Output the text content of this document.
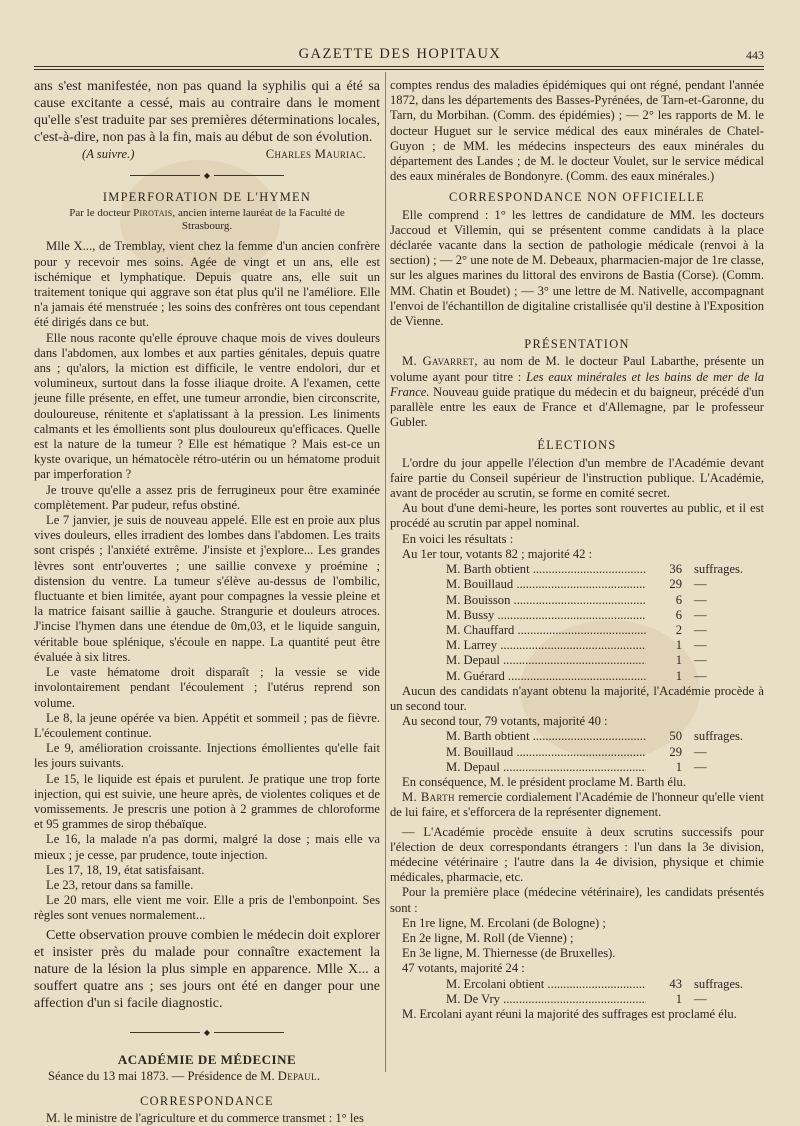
GAZETTE DES HOPITAUX	443

ans s'est manifestée, non pas quand la syphilis qui a été sa cause excitante a cessé, mais au contraire dans le moment qu'elle s'est traduite par ses premières déterminations locales, c'est-à-dire, non pas à la fin, mais au début de son évolution.

(A suivre.)	Charles Mauriac.
◆
IMPERFORATION DE L'HYMEN
Par le docteur Pirotais, ancien interne lauréat de la Faculté de Strasbourg.

Mlle X..., de Tremblay, vient chez la femme d'un ancien confrère pour y recevoir mes soins. Agée de vingt et un ans, elle est ischémique et lymphatique. Depuis quatre ans, elle suit un traitement tonique qui aggrave son état plus qu'il ne l'améliore. Elle n'a jamais été menstruée ; les soins des confrères ont tous cependant été dirigés dans ce but.

Elle nous raconte qu'elle éprouve chaque mois de vives douleurs dans l'abdomen, aux lombes et aux parties génitales, depuis quatre ans ; qu'alors, la miction est difficile, le ventre endolori, dur et volumineux, surtout dans la fosse iliaque droite. A l'examen, cette jeune fille présente, en effet, une tumeur arrondie, bien circonscrite, douloureuse, rénitente et s'aplatissant à la pression. Les liniments calmants et les émollients sont plus douloureux qu'efficaces. Quelle est la nature de la tumeur ? Elle est hématique ? Mais est-ce un kyste ovarique, un hématocèle rétro-utérin ou un hématome produit par imperforation ?

Je trouve qu'elle a assez pris de ferrugineux pour être examinée complètement. Par pudeur, refus obstiné.

Le 7 janvier, je suis de nouveau appelé. Elle est en proie aux plus vives douleurs, elles irradient des lombes dans l'abdomen. Les traits sont crispés ; l'anxiété extrême. J'insiste et j'explore... Les grandes lèvres sont entr'ouvertes ; une saillie convexe y proémine ; distension du ventre. La tumeur s'élève au-dessus de l'ombilic, fluctuante et bien limitée, ayant pour compagnes la vessie pleine et la matrice faisant saillie à gauche. Strangurie et douleurs atroces. J'incise l'hymen dans une étendue de 0m,03, et le liquide sanguin, véritable boue splénique, s'écoule en nappe. La quantité peut être évaluée à six litres.

Le vaste hématome droit disparaît ; la vessie se vide involontairement pendant l'écoulement ; l'utérus reprend son volume.

Le 8, la jeune opérée va bien. Appétit et sommeil ; pas de fièvre. L'écoulement continue.

Le 9, amélioration croissante. Injections émollientes qu'elle fait les jours suivants.

Le 15, le liquide est épais et purulent. Je pratique une trop forte injection, qui est suivie, une heure après, de violentes coliques et de vomissements. Je prescris une potion à 2 grammes de chloroforme et 95 grammes de sirop thébaïque.

Le 16, la malade n'a pas dormi, malgré la dose ; mais elle va mieux ; je cesse, par prudence, toute injection.

Les 17, 18, 19, état satisfaisant.

Le 23, retour dans sa famille.

Le 20 mars, elle vient me voir. Elle a pris de l'embonpoint. Ses règles sont venues normalement...

Cette observation prouve combien le médecin doit explorer et insister près du malade pour connaître exactement la nature de la lésion la plus simple en apparence. Mlle X... a souffert quatre ans ; ses jours ont été en danger pour une affection d'un si facile diagnostic.

◆
ACADÉMIE DE MÉDECINE
Séance du 13 mai 1873. — Présidence de M. Depaul.
CORRESPONDANCE

M. le ministre de l'agriculture et du commerce transmet : 1° les

comptes rendus des maladies épidémiques qui ont régné, pendant l'année 1872, dans les départements des Basses-Pyrénées, de Tarn-et-Garonne, du Tarn, du Morbihan. (Comm. des épidémies) ; — 2° les rapports de M. le docteur Huguet sur le service médical des eaux minérales de Chatel-Guyon ; de MM. les médecins inspecteurs des eaux minérales du département des Landes ; de M. le docteur Voulet, sur le service médical des eaux minérales de Bondonyre. (Comm. des eaux minérales.)

CORRESPONDANCE NON OFFICIELLE

Elle comprend : 1° les lettres de candidature de MM. les docteurs Jaccoud et Villemin, qui se présentent comme candidats à la place déclarée vacante dans la section de pathologie médicale (renvoi à la section) ; — 2° une note de M. Debeaux, pharmacien-major de 1re classe, sur les algues marines du littoral des environs de Bastia (Corse). (Comm. MM. Chatin et Boudet) ; — 3° une lettre de M. Nativelle, accompagnant l'envoi de l'échantillon de digitaline cristallisée qu'il destine à l'Exposition de Vienne.

PRÉSENTATION

M. Gavarret, au nom de M. le docteur Paul Labarthe, présente un volume ayant pour titre : Les eaux minérales et les bains de mer de la France. Nouveau guide pratique du médecin et du baigneur, précédé d'un parallèle entre les eaux de France et d'Allemagne, par le professeur Gubler.

ÉLECTIONS

L'ordre du jour appelle l'élection d'un membre de l'Académie devant faire partie du Conseil supérieur de l'instruction publique. L'Académie, avant de procéder au scrutin, se forme en comité secret.

Au bout d'une demi-heure, les portes sont rouvertes au public, et il est procédé au scrutin par appel nominal.

En voici les résultats :

Au 1er tour, votants 82 ; majorité 42 :

M. Barth obtient .....	36 suffrages.
M. Bouillaud .....	29 —
M. Bouisson .....	6 —
M. Bussy .....	6 —
M. Chauffard .....	2 —
M. Larrey .....	1 —
M. Depaul .....	1 —
M. Guérard .....	1 —

Aucun des candidats n'ayant obtenu la majorité, l'Académie procède à un second tour.

Au second tour, 79 votants, majorité 40 :

M. Barth obtient .....	50 suffrages.
M. Bouillaud .....	29 —
M. Depaul .....	1 —

En conséquence, M. le président proclame M. Barth élu.

M. Barth remercie cordialement l'Académie de l'honneur qu'elle vient de lui faire, et s'efforcera de la représenter dignement.

— L'Académie procède ensuite à deux scrutins successifs pour l'élection de deux correspondants étrangers : l'un dans la 3e division, médecine vétérinaire ; l'autre dans la 4e division, physique et chimie médicales, pharmacie, etc.

Pour la première place (médecine vétérinaire), les candidats présentés sont :

En 1re ligne, M. Ercolani (de Bologne) ;
En 2e ligne, M. Roll (de Vienne) ;
En 3e ligne, M. Thiernesse (de Bruxelles).
47 votants, majorité 24 :
M. Ercolani obtient .....	43 suffrages.
M. De Vry .....	1 —

M. Ercolani ayant réuni la majorité des suffrages est proclamé élu.
